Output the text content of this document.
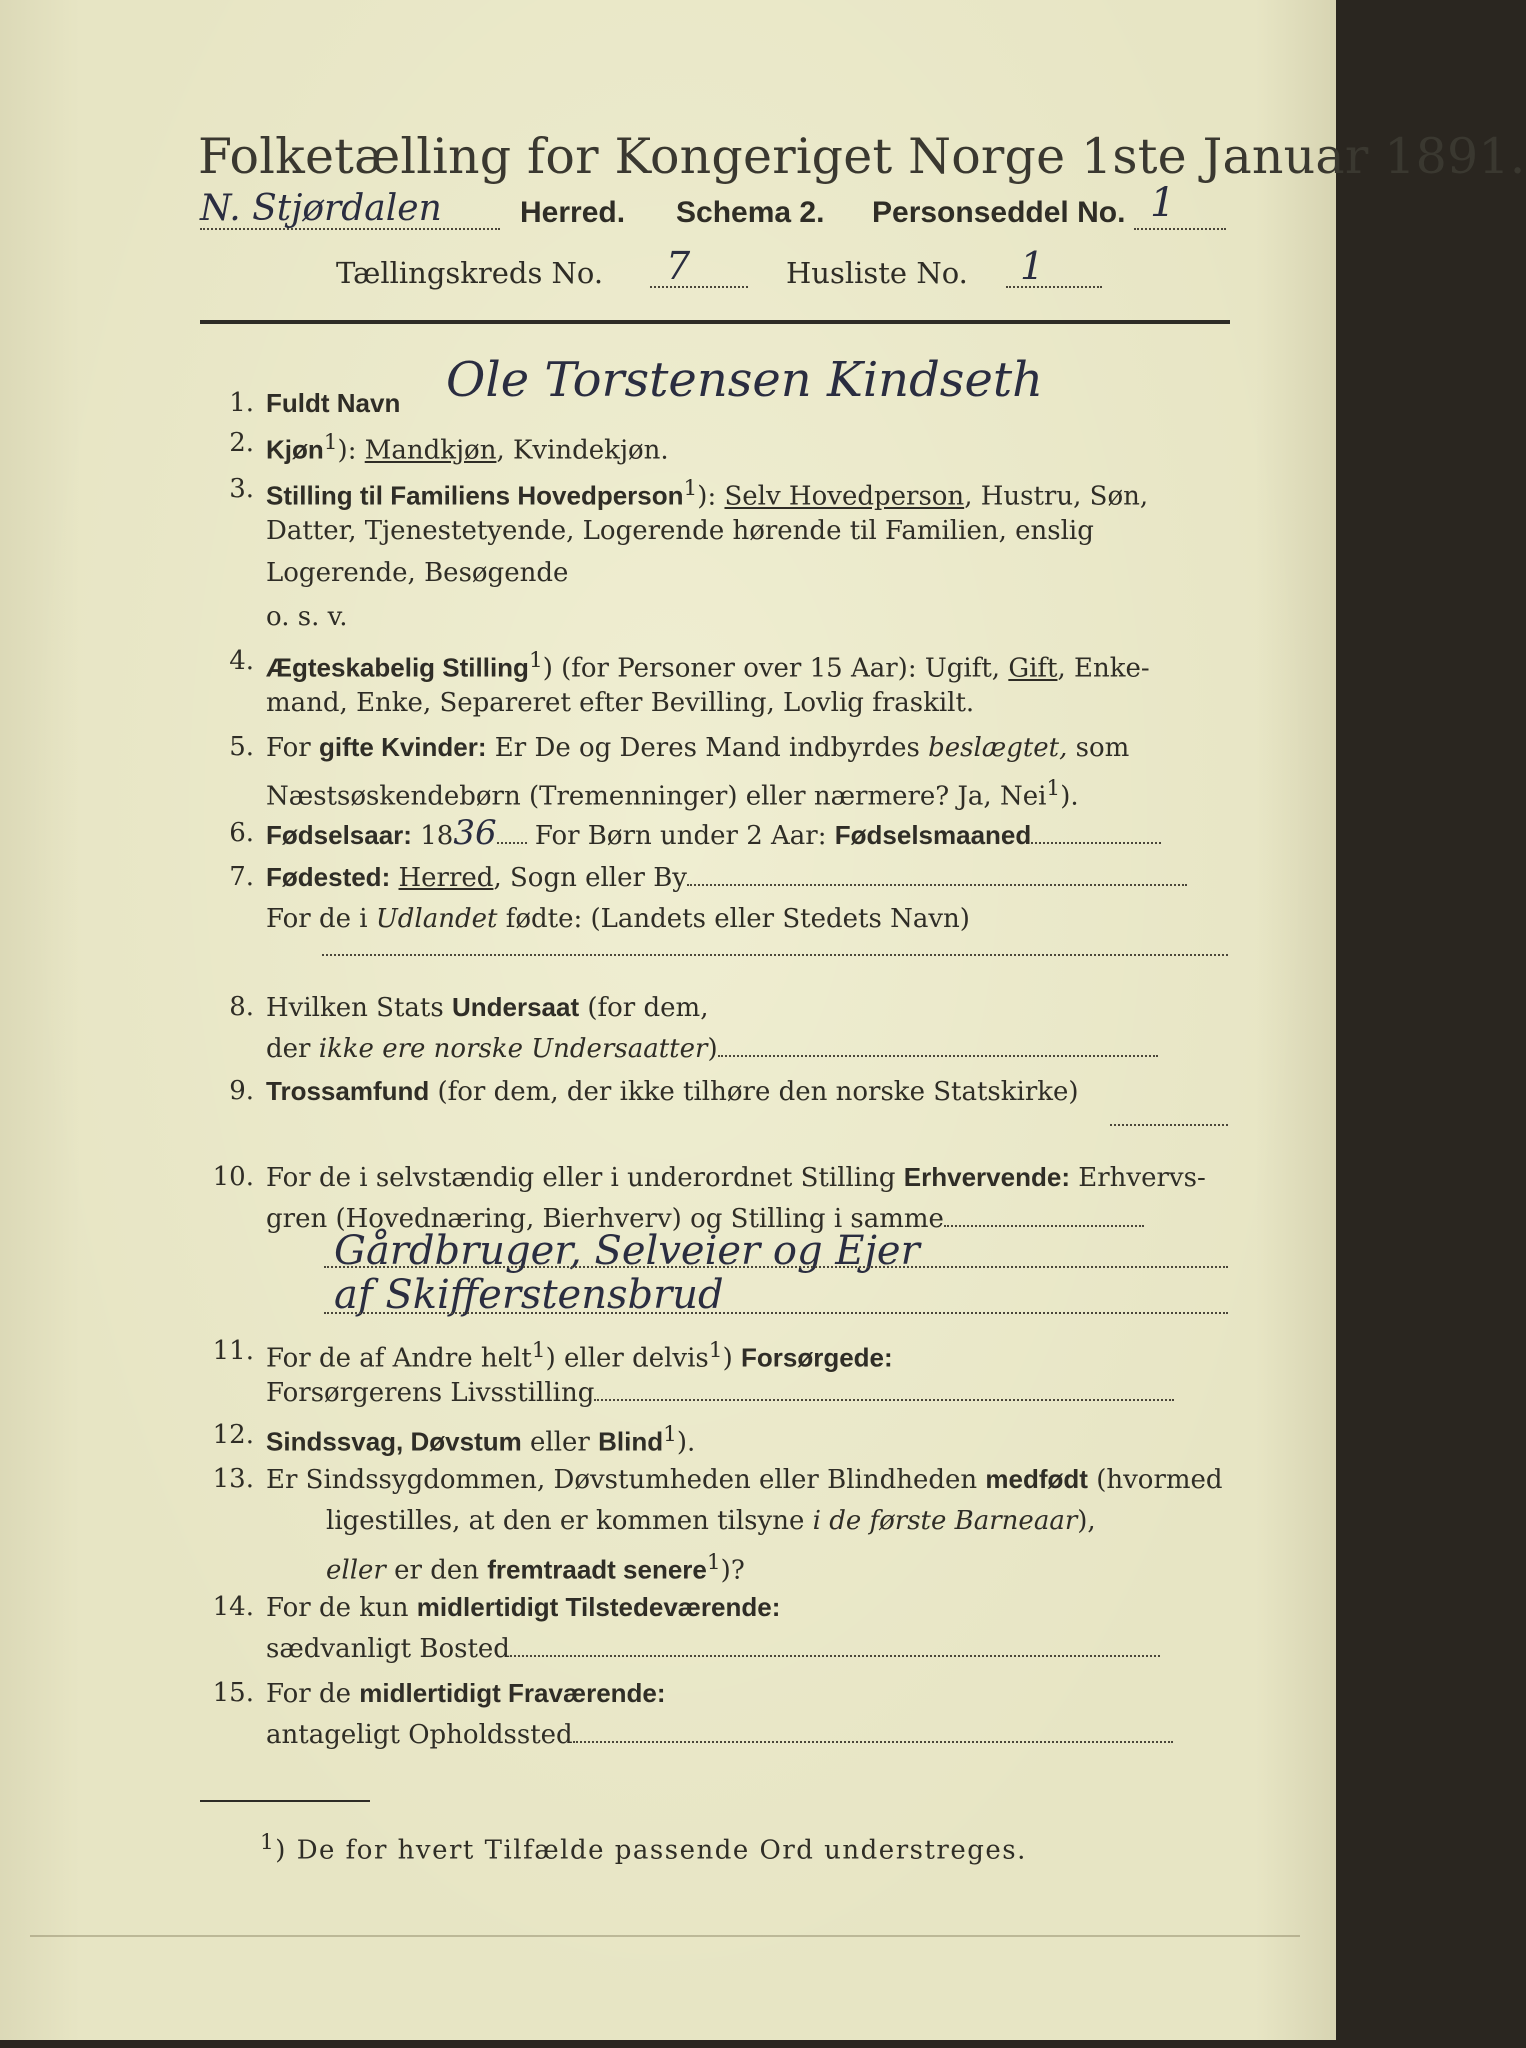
Folketælling for Kongeriget Norge 1ste Januar 1891.
N. Stjørdalen	Herred. Schema 2. Personseddel No. 1
Tællingskreds No. 7	Husliste No. 1
1. Fuldt Navn Ole Torstensen Kindseth
2. Kjøn$^1$): Mandkjøn, Kvindekjøn.
3. Stilling til Familiens Hovedperson$^1$): Selv Hovedperson, Hustru, Søn,
Datter, Tjenestetyende, Logerende hørende til Familien, enslig
Logerende, Besøgende
o. s. v.
4. Ægteskabelig Stilling$^1$) (for Personer over 15 Aar): Ugift, Gift, Enke-
mand, Enke, Separeret efter Bevilling, Lovlig fraskilt.
5. For gifte Kvinder: Er De og Deres Mand indbyrdes beslægtet, som
Næstsøskendebørn (Tremenninger) eller nærmere? Ja, Nei$^1$).
6. Fødselsaar: 1836 For Børn under 2 Aar: Fødselsmaaned
7. Fødested: Herred, Sogn eller By
For de i Udlandet fødte: (Landets eller Stedets Navn)
8. Hvilken Stats Undersaat (for dem,
der ikke ere norske Undersaatter)
9. Trossamfund (for dem, der ikke tilhøre den norske Statskirke)
10. For de i selvstændig eller i underordnet Stilling Erhvervende: Erhvervs-
gren (Hovednæring, Bierhverv) og Stilling i samme
Gårdbruger, Selveier og Ejer
af Skifferstensbrud
11. For de af Andre helt$^1$) eller delvis$^1$) Forsørgede:
Forsørgerens Livsstilling
12. Sindssvag, Døvstum eller Blind$^1$).
13. Er Sindssygdommen, Døvstumheden eller Blindheden medfødt (hvormed
ligestilles, at den er kommen tilsyne i de første Barneaar),
eller er den fremtraadt senere$^1$)?
14. For de kun midlertidigt Tilstedeværende:
sædvanligt Bosted
15. For de midlertidigt Fraværende:
antageligt Opholdssted
$^1$) De for hvert Tilfælde passende Ord understreges.
